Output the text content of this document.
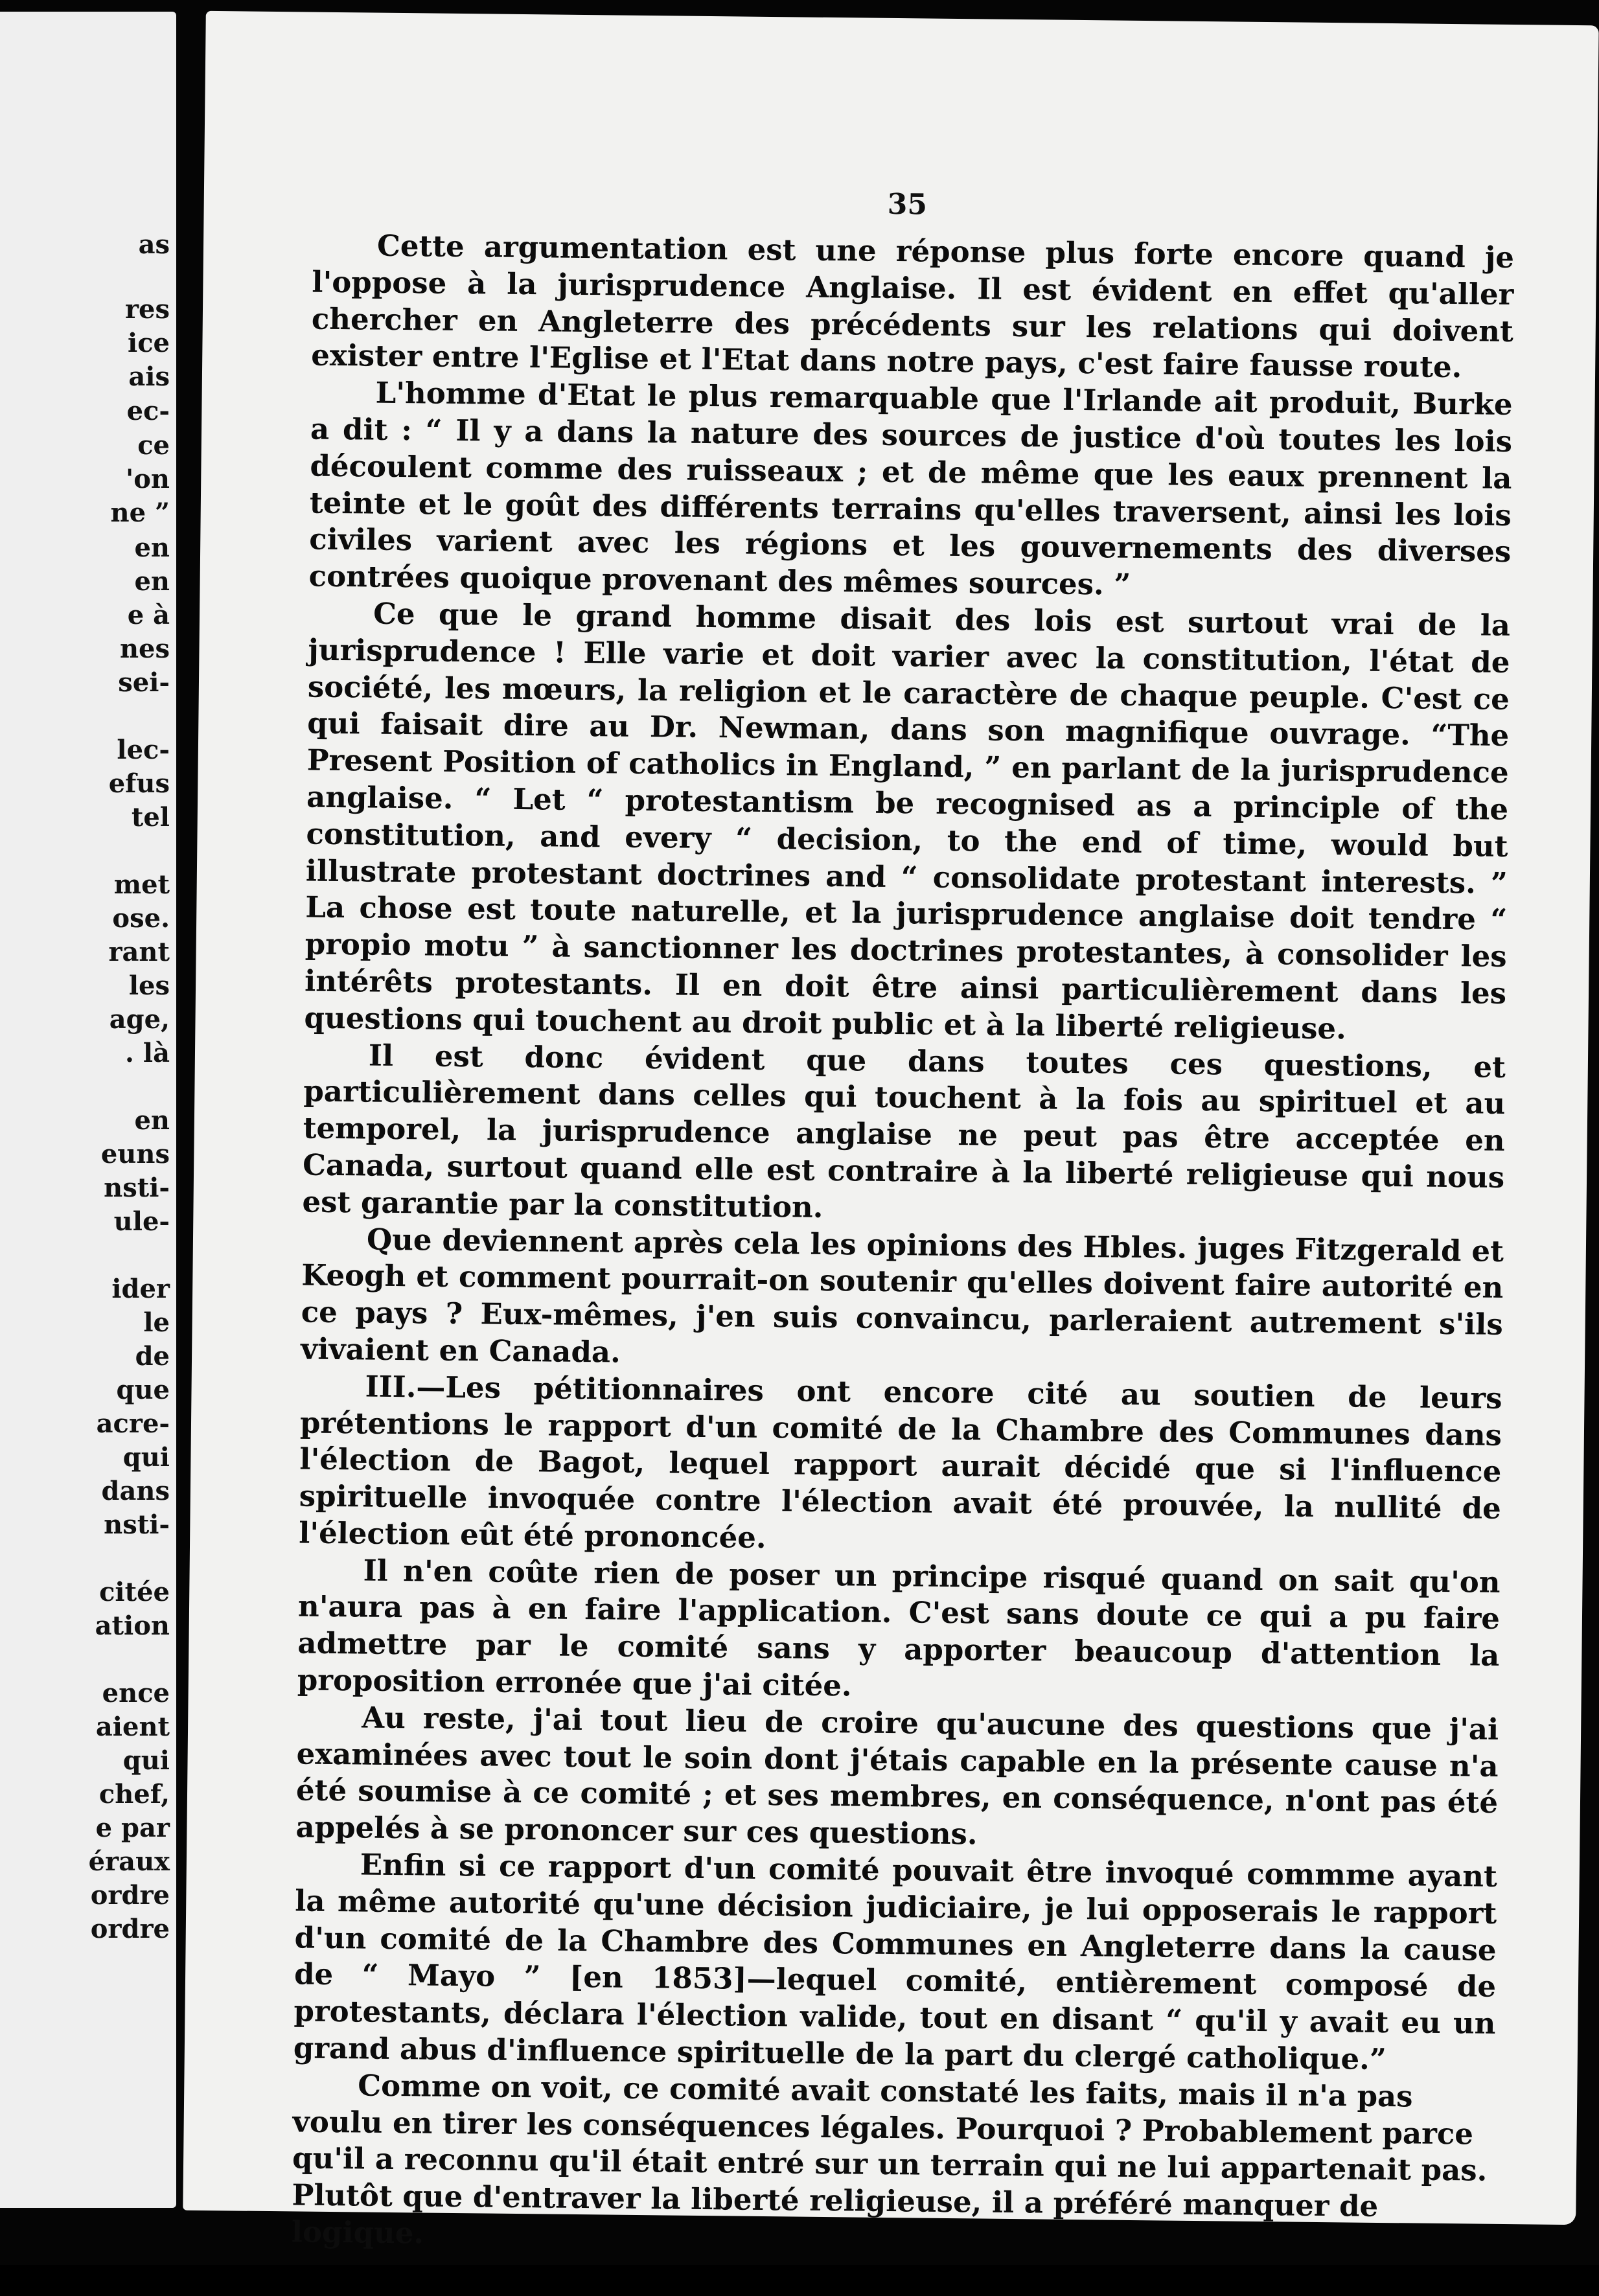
as
res
ice
ais
ec-
ce
'on
ne ”
en
en
e à
nes
sei-
lec-
efus
tel
met
ose.
rant
les
age,
. là
en
euns
nsti-
ule-
ider
le
de
que
acre-
qui
dans
nsti-
citée
ation
ence
aient
qui
chef,
e par
éraux
ordre
ordre
35

Cette argumentation est une réponse plus forte encore quand je l'oppose à la jurisprudence Anglaise. Il est évident en effet qu'aller chercher en Angleterre des précédents sur les relations qui doivent exister entre l'Eglise et l'Etat dans notre pays, c'est faire fausse route.

L'homme d'Etat le plus remarquable que l'Irlande ait produit, Burke a dit : “ Il y a dans la nature des sources de justice d'où toutes les lois découlent comme des ruisseaux ; et de même que les eaux prennent la teinte et le goût des différents terrains qu'elles traversent, ainsi les lois civiles varient avec les régions et les gouvernements des diverses contrées quoique provenant des mêmes sources. ”

Ce que le grand homme disait des lois est surtout vrai de la jurisprudence ! Elle varie et doit varier avec la constitution, l'état de société, les mœurs, la religion et le caractère de chaque peuple. C'est ce qui faisait dire au Dr. Newman, dans son magnifique ouvrage. “The Present Position of catholics in England, ” en parlant de la jurisprudence anglaise. “ Let “ protestantism be recognised as a principle of the constitution, and every “ decision, to the end of time, would but illustrate protestant doctrines and “ consolidate protestant interests. ” La chose est toute naturelle, et la jurisprudence anglaise doit tendre “ propio motu ” à sanctionner les doctrines protestantes, à consolider les intérêts protestants. Il en doit être ainsi particulièrement dans les questions qui touchent au droit public et à la liberté religieuse.

Il est donc évident que dans toutes ces questions, et particulièrement dans celles qui touchent à la fois au spirituel et au temporel, la jurisprudence anglaise ne peut pas être acceptée en Canada, surtout quand elle est contraire à la liberté religieuse qui nous est garantie par la constitution.

Que deviennent après cela les opinions des Hbles. juges Fitzgerald et Keogh et comment pourrait-on soutenir qu'elles doivent faire autorité en ce pays ? Eux-mêmes, j'en suis convaincu, parleraient autrement s'ils vivaient en Canada.

III.—Les pétitionnaires ont encore cité au soutien de leurs prétentions le rapport d'un comité de la Chambre des Communes dans l'élection de Bagot, lequel rapport aurait décidé que si l'influence spirituelle invoquée contre l'élection avait été prouvée, la nullité de l'élection eût été prononcée.

Il n'en coûte rien de poser un principe risqué quand on sait qu'on n'aura pas à en faire l'application. C'est sans doute ce qui a pu faire admettre par le comité sans y apporter beaucoup d'attention la proposition erronée que j'ai citée.

Au reste, j'ai tout lieu de croire qu'aucune des questions que j'ai examinées avec tout le soin dont j'étais capable en la présente cause n'a été soumise à ce comité ; et ses membres, en conséquence, n'ont pas été appelés à se prononcer sur ces questions.

Enfin si ce rapport d'un comité pouvait être invoqué commme ayant la même autorité qu'une décision judiciaire, je lui opposerais le rapport d'un comité de la Chambre des Communes en Angleterre dans la cause de “ Mayo ” [en 1853]—lequel comité, entièrement composé de protestants, déclara l'élection valide, tout en disant “ qu'il y avait eu un grand abus d'influence spirituelle de la part du clergé catholique.”

Comme on voit, ce comité avait constaté les faits, mais il n'a pas voulu en tirer les conséquences légales. Pourquoi ? Probablement parce qu'il a reconnu qu'il était entré sur un terrain qui ne lui appartenait pas. Plutôt que d'entraver la liberté religieuse, il a préféré manquer de logique.
